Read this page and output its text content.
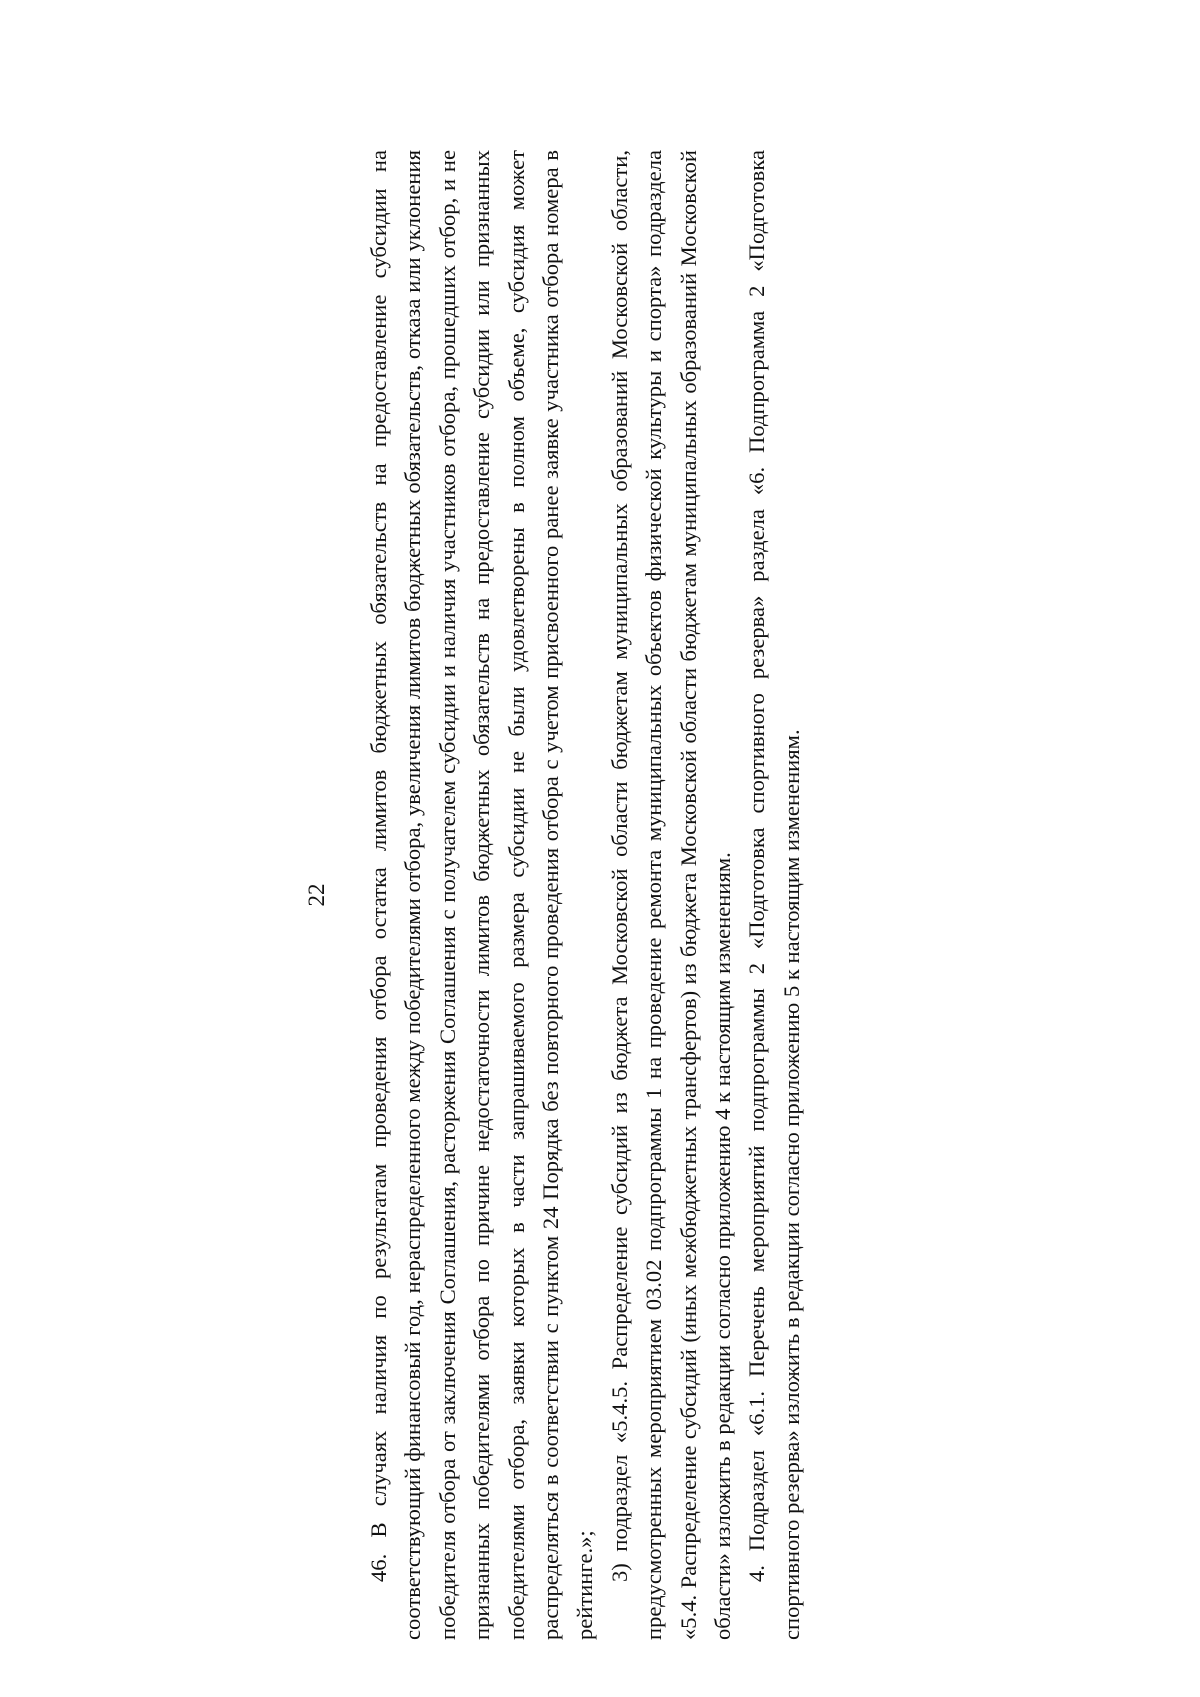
22 46. В случаях наличия по результатам проведения отбора остатка лимитов бюджетных обязательств на предоставление субсидии на соответствующий финансовый год, нераспределенного между победителями отбора, увеличения лимитов бюджетных обязательств, отказа или уклонения победителя отбора от заключения Соглашения, расторжения Соглашения с получателем субсидии и наличия участников отбора, прошедших отбор, и не признанных победителями отбора по причине недостаточности лимитов бюджетных обязательств на предоставление субсидии или признанных победителями отбора, заявки которых в части запрашиваемого размера субсидии не были удовлетворены в полном объеме, субсидия может распределяться в соответствии с пунктом 24 Порядка без повторного проведения отбора с учетом присвоенного ранее заявке участника отбора номера в рейтинге.»;

3) подраздел «5.4.5. Распределение субсидий из бюджета Московской области бюджетам муниципальных образований Московской области, предусмотренных мероприятием 03.02 подпрограммы 1 на проведение ремонта муниципальных объектов физической культуры и спорта» подраздела «5.4. Распределение субсидий (иных межбюджетных трансфертов) из бюджета Московской области бюджетам муниципальных образований Московской области» изложить в редакции согласно приложению 4 к настоящим изменениям. 4. Подраздел «6.1. Перечень мероприятий подпрограммы 2 «Подготовка спортивного резерва» раздела «6. Подпрограмма 2 «Подготовка спортивного резерва» изложить в редакции согласно приложению 5 к настоящим изменениям.
